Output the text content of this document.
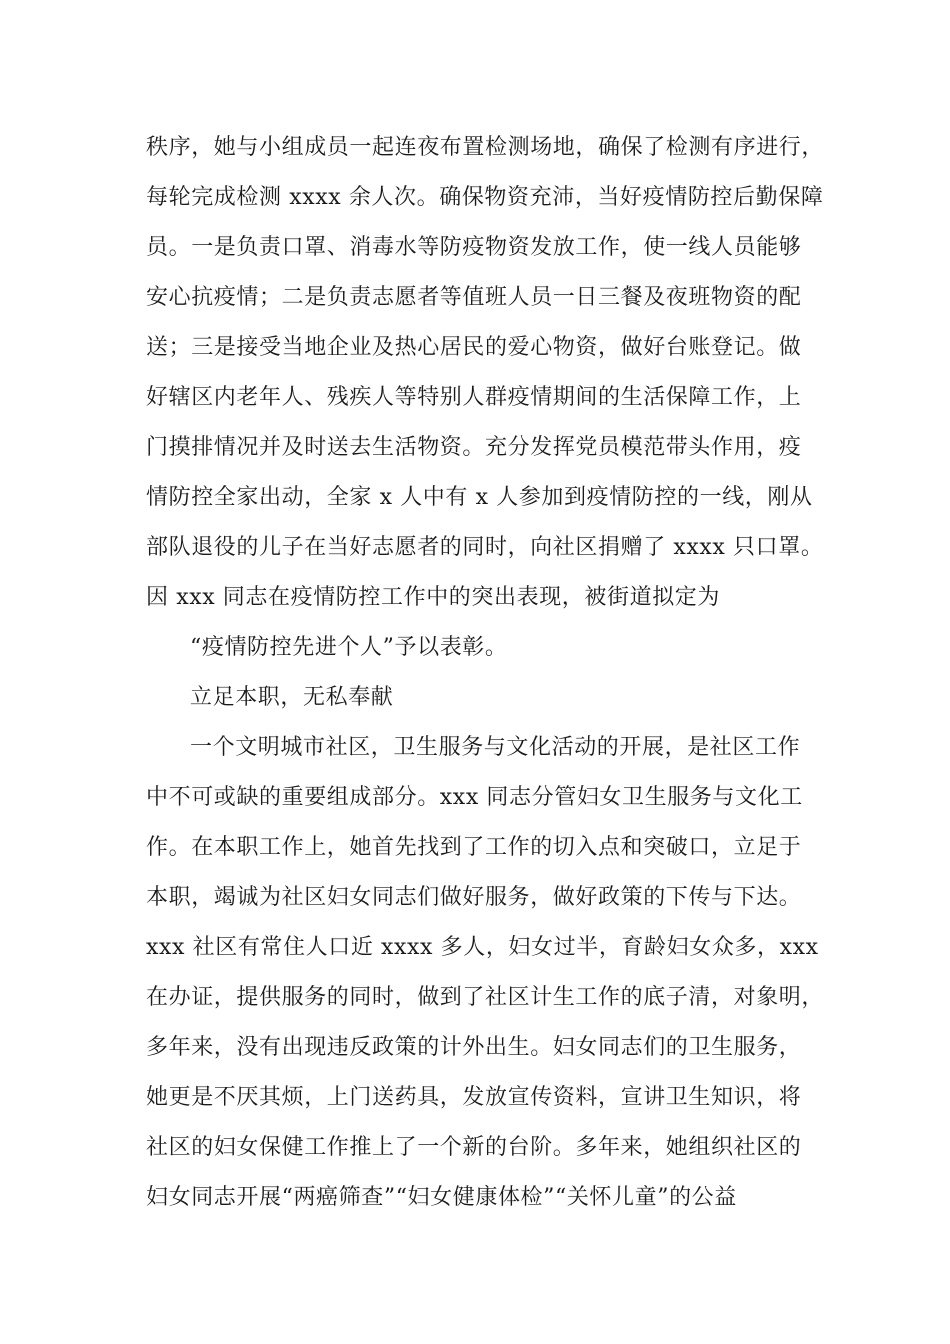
秩序，她与小组成员一起连夜布置检测场地，确保了检测有序进行，
每轮完成检测 xxxx 余人次。确保物资充沛，当好疫情防控后勤保障
员。一是负责口罩、消毒水等防疫物资发放工作，使一线人员能够
安心抗疫情；二是负责志愿者等值班人员一日三餐及夜班物资的配
送；三是接受当地企业及热心居民的爱心物资，做好台账登记。做
好辖区内老年人、残疾人等特别人群疫情期间的生活保障工作，上
门摸排情况并及时送去生活物资。充分发挥党员模范带头作用，疫
情防控全家出动，全家 x 人中有 x 人参加到疫情防控的一线，刚从
部队退役的儿子在当好志愿者的同时，向社区捐赠了 xxxx 只口罩。
因 xxx 同志在疫情防控工作中的突出表现，被街道拟定为
“疫情防控先进个人”予以表彰。
立足本职，无私奉献
一个文明城市社区，卫生服务与文化活动的开展，是社区工作
中不可或缺的重要组成部分。xxx 同志分管妇女卫生服务与文化工
作。在本职工作上，她首先找到了工作的切入点和突破口，立足于
本职，竭诚为社区妇女同志们做好服务，做好政策的下传与下达。
xxx 社区有常住人口近 xxxx 多人，妇女过半，育龄妇女众多，xxx
在办证，提供服务的同时，做到了社区计生工作的底子清，对象明，
多年来，没有出现违反政策的计外出生。妇女同志们的卫生服务，
她更是不厌其烦，上门送药具，发放宣传资料，宣讲卫生知识，将
社区的妇女保健工作推上了一个新的台阶。多年来，她组织社区的
妇女同志开展“两癌筛查”“妇女健康体检”“关怀儿童”的公益
